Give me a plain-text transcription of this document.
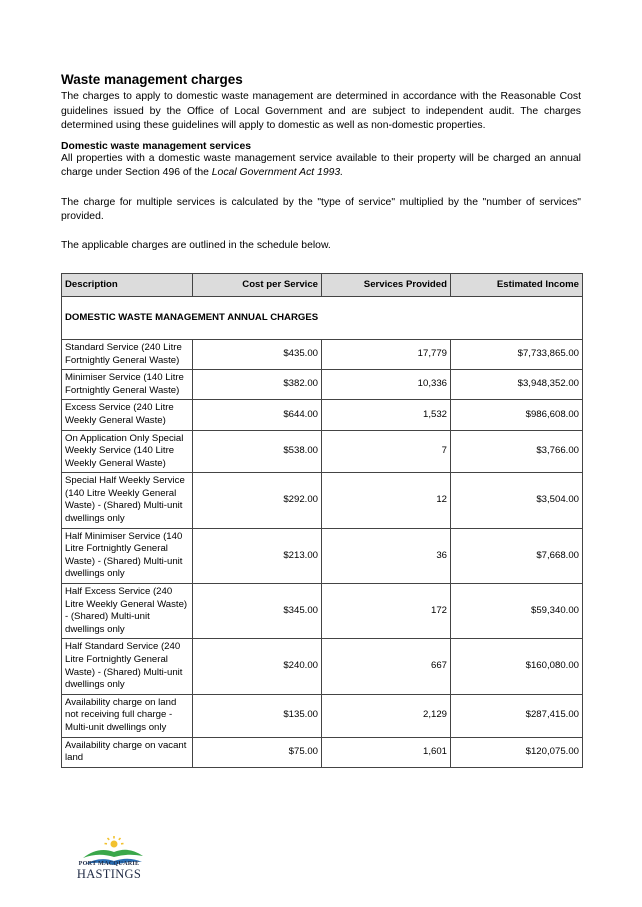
Waste management charges

The charges to apply to domestic waste management are determined in accordance with the Reasonable Cost guidelines issued by the Office of Local Government and are subject to independent audit. The charges determined using these guidelines will apply to domestic as well as non-domestic properties.

Domestic waste management services

All properties with a domestic waste management service available to their property will be charged an annual charge under Section 496 of the Local Government Act 1993.

The charge for multiple services is calculated by the "type of service" multiplied by the "number of services" provided.

The applicable charges are outlined in the schedule below.

Description	Cost per Service	Services Provided	Estimated Income
DOMESTIC WASTE MANAGEMENT ANNUAL CHARGES			
Standard Service (240 Litre Fortnightly General Waste)	$435.00	17,779	$7,733,865.00
Minimiser Service (140 Litre Fortnightly General Waste)	$382.00	10,336	$3,948,352.00
Excess Service (240 Litre Weekly General Waste)	$644.00	1,532	$986,608.00
On Application Only Special Weekly Service (140 Litre Weekly General Waste)	$538.00	7	$3,766.00
Special Half Weekly Service (140 Litre Weekly General Waste) - (Shared) Multi-unit dwellings only	$292.00	12	$3,504.00
Half Minimiser Service (140 Litre Fortnightly General Waste) - (Shared) Multi-unit dwellings only	$213.00	36	$7,668.00
Half Excess Service (240 Litre Weekly General Waste) - (Shared) Multi-unit dwellings only	$345.00	172	$59,340.00
Half Standard Service (240 Litre Fortnightly General Waste) - (Shared) Multi-unit dwellings only	$240.00	667	$160,080.00
Availability charge on land not receiving full charge - Multi-unit dwellings only	$135.00	2,129	$287,415.00
Availability charge on vacant land	$75.00	1,601	$120,075.00
PORT MACQUARIE
HASTINGS
